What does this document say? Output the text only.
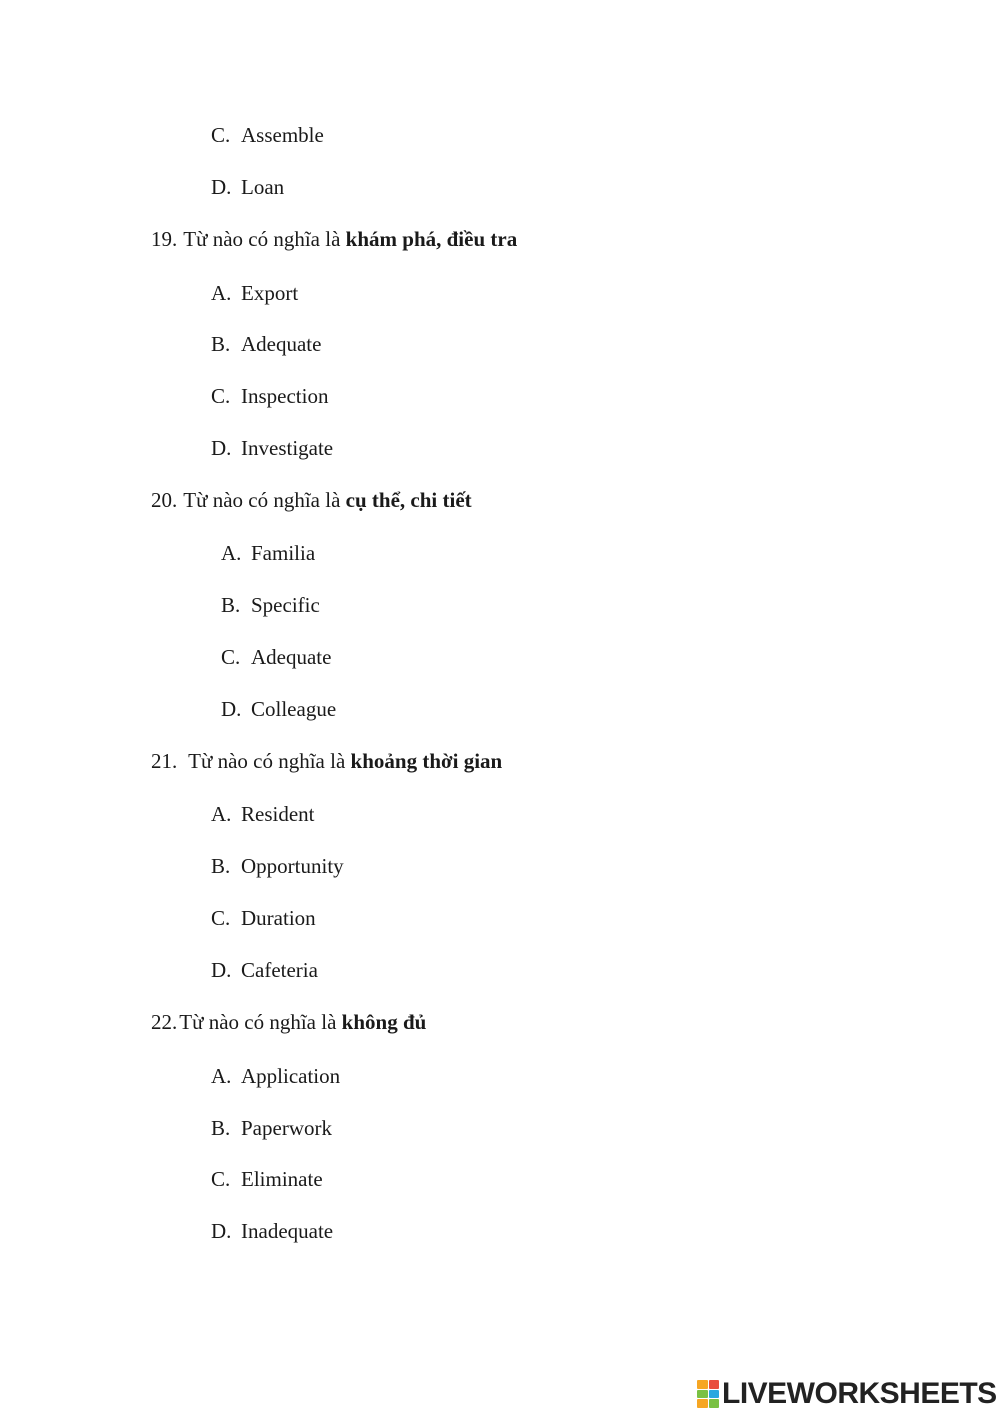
C. Assemble
D. Loan
19. Từ nào có nghĩa là khám phá, điều tra
A. Export
B. Adequate
C. Inspection
D. Investigate
20. Từ nào có nghĩa là cụ thể, chi tiết
A. Familia
B. Specific
C. Adequate
D. Colleague
21. Từ nào có nghĩa là khoảng thời gian
A. Resident
B. Opportunity
C. Duration
D. Cafeteria
22.Từ nào có nghĩa là không đủ
A. Application
B. Paperwork
C. Eliminate
D. Inadequate
LIVEWORKSHEETS
